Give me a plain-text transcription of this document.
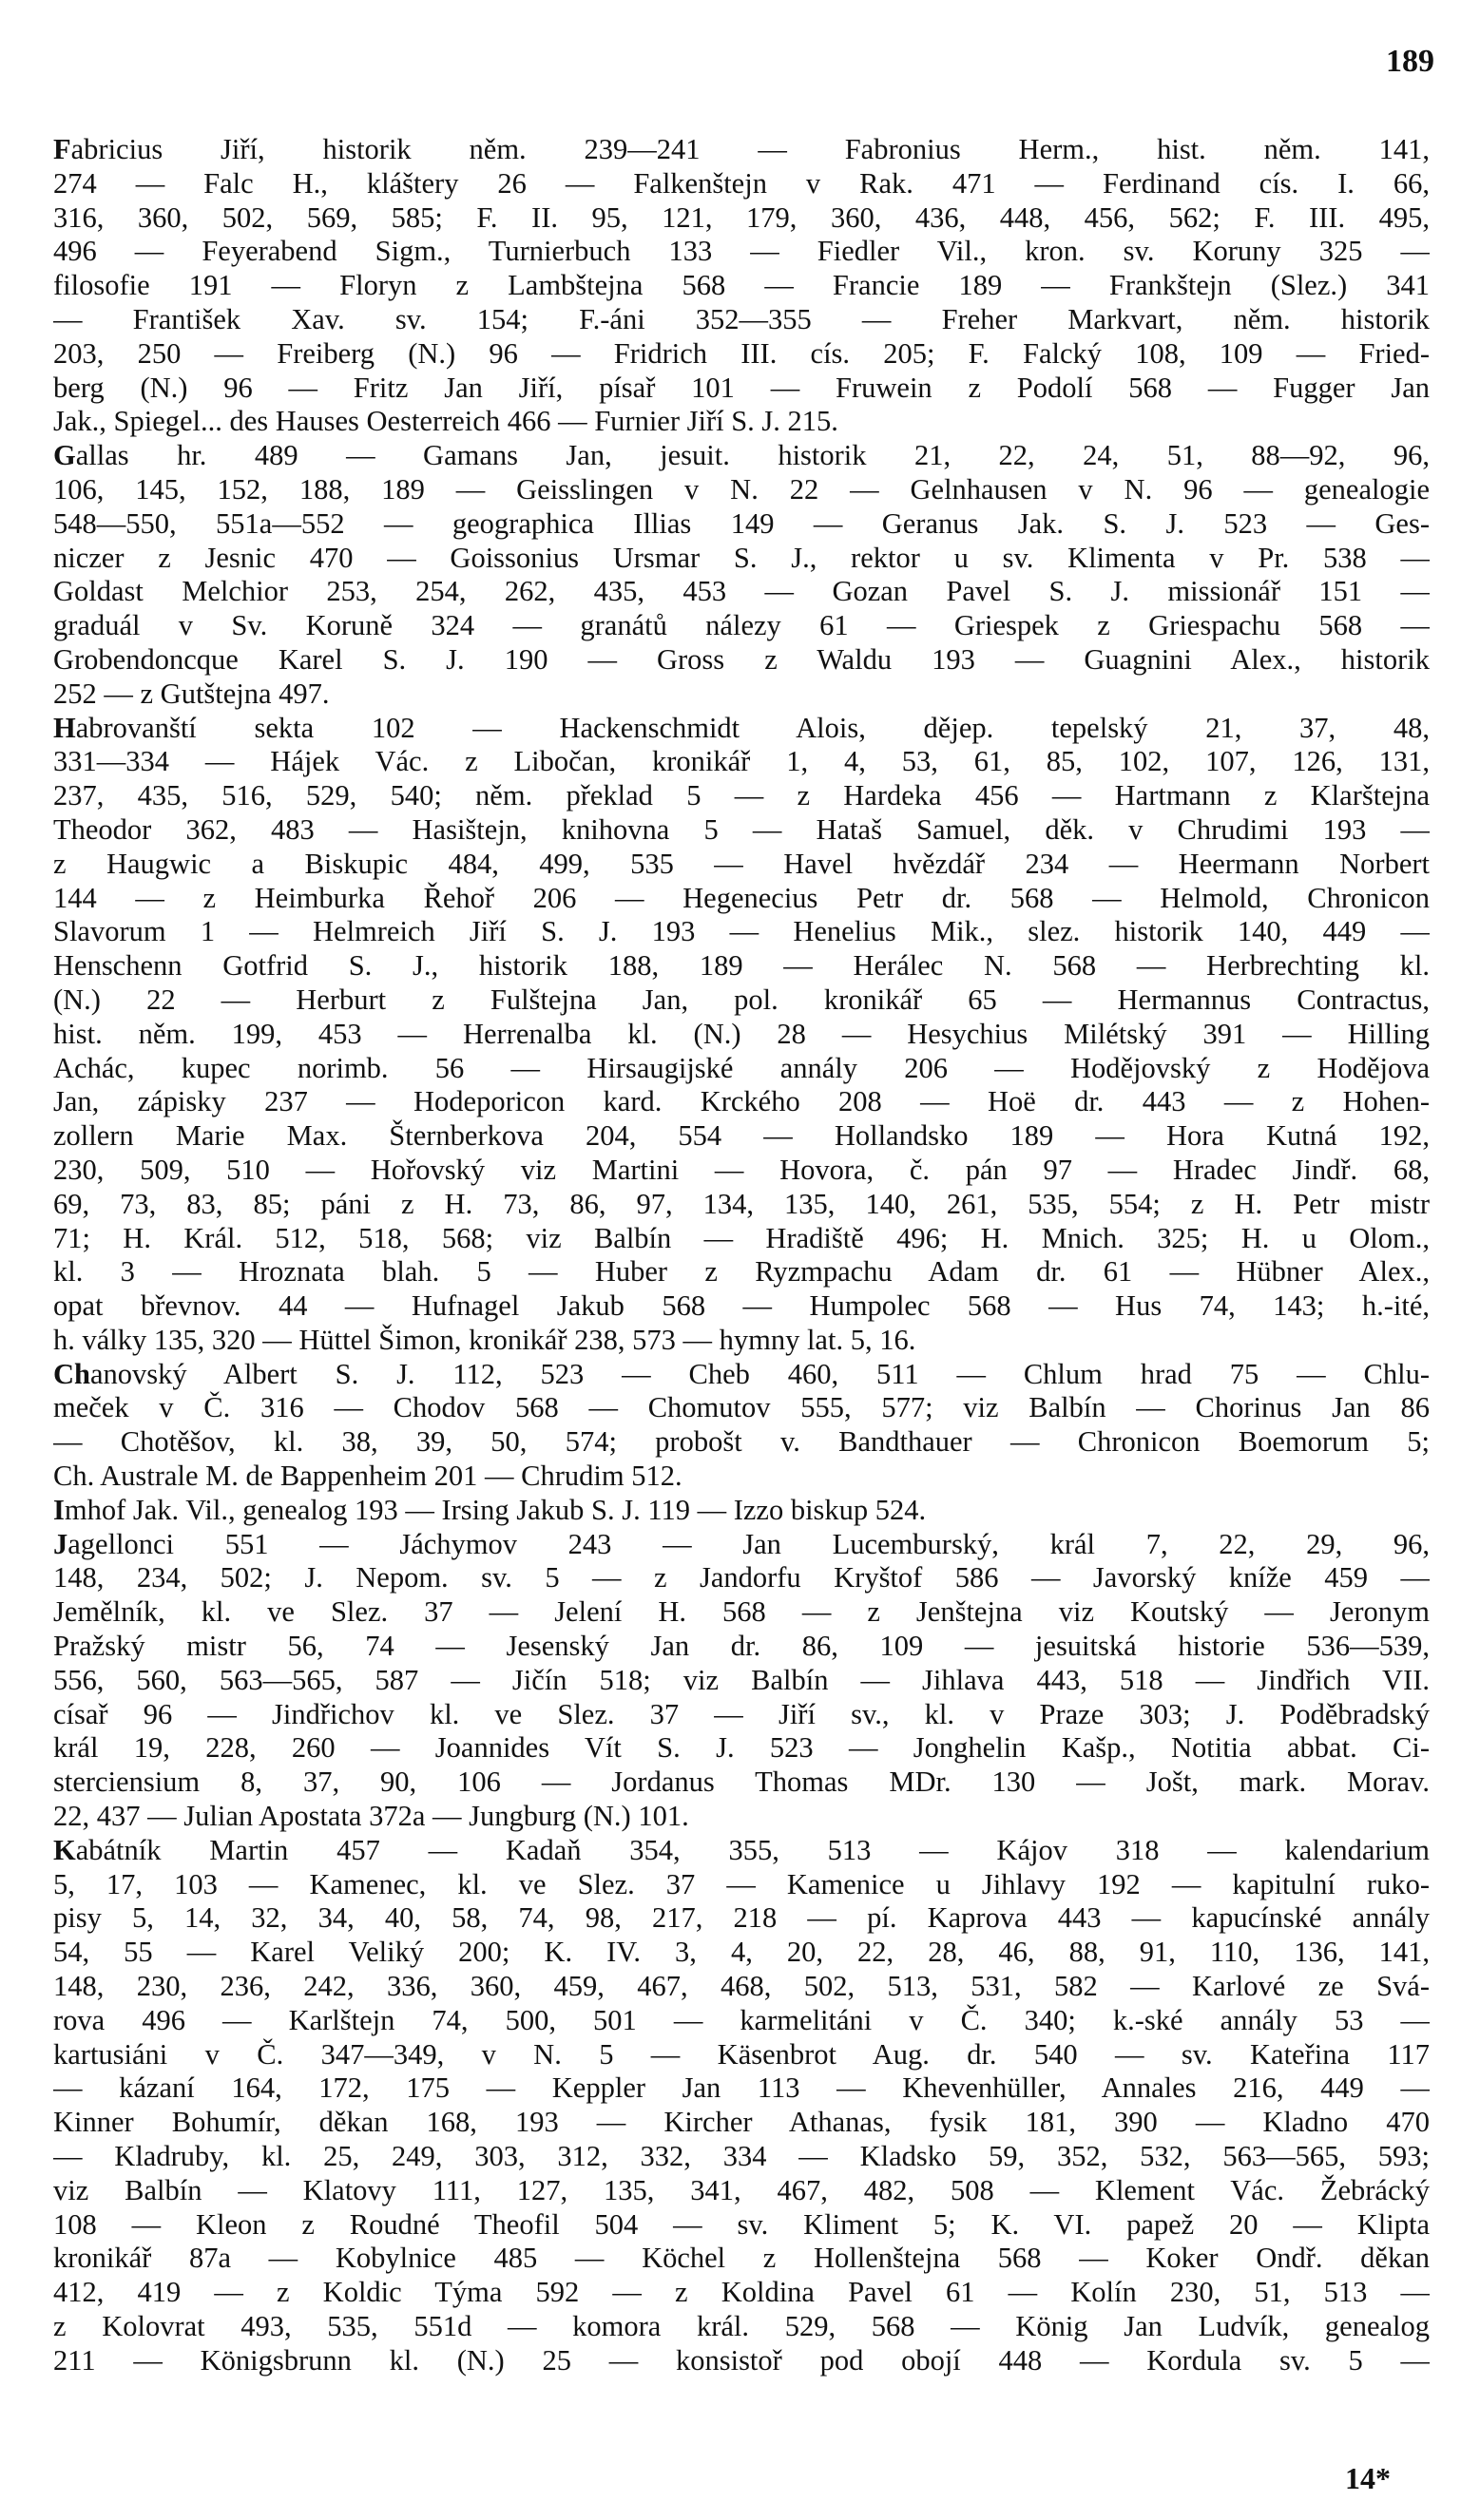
189
Fabricius Jiří, historik něm. 239—241 — Fabronius Herm., hist. něm. 141,
274 — Falc H., kláštery 26 — Falkenštejn v Rak. 471 — Ferdinand cís. I. 66,
316, 360, 502, 569, 585; F. II. 95, 121, 179, 360, 436, 448, 456, 562; F. III. 495,
496 — Feyerabend Sigm., Turnierbuch 133 — Fiedler Vil., kron. sv. Koruny 325 —
filosofie 191 — Floryn z Lambštejna 568 — Francie 189 — Frankštejn (Slez.) 341
— František Xav. sv. 154; F.-áni 352—355 — Freher Markvart, něm. historik
203, 250 — Freiberg (N.) 96 — Fridrich III. cís. 205; F. Falcký 108, 109 — Fried-
berg (N.) 96 — Fritz Jan Jiří, písař 101 — Fruwein z Podolí 568 — Fugger Jan
Jak., Spiegel... des Hauses Oesterreich 466 — Furnier Jiří S. J. 215.
Gallas hr. 489 — Gamans Jan, jesuit. historik 21, 22, 24, 51, 88—92, 96,
106, 145, 152, 188, 189 — Geisslingen v N. 22 — Gelnhausen v N. 96 — genealogie
548—550, 551a—552 — geographica Illias 149 — Geranus Jak. S. J. 523 — Ges-
niczer z Jesnic 470 — Goissonius Ursmar S. J., rektor u sv. Klimenta v Pr. 538 —
Goldast Melchior 253, 254, 262, 435, 453 — Gozan Pavel S. J. missionář 151 —
graduál v Sv. Koruně 324 — granátů nálezy 61 — Griespek z Griespachu 568 —
Grobendoncque Karel S. J. 190 — Gross z Waldu 193 — Guagnini Alex., historik
252 — z Gutštejna 497.
Habrovanští sekta 102 — Hackenschmidt Alois, dějep. tepelský 21, 37, 48,
331—334 — Hájek Vác. z Libočan, kronikář 1, 4, 53, 61, 85, 102, 107, 126, 131,
237, 435, 516, 529, 540; něm. překlad 5 — z Hardeka 456 — Hartmann z Klarštejna
Theodor 362, 483 — Hasištejn, knihovna 5 — Hataš Samuel, děk. v Chrudimi 193 —
z Haugwic a Biskupic 484, 499, 535 — Havel hvězdář 234 — Heermann Norbert
144 — z Heimburka Řehoř 206 — Hegenecius Petr dr. 568 — Helmold, Chronicon
Slavorum 1 — Helmreich Jiří S. J. 193 — Henelius Mik., slez. historik 140, 449 —
Henschenn Gotfrid S. J., historik 188, 189 — Herálec N. 568 — Herbrechting kl.
(N.) 22 — Herburt z Fulštejna Jan, pol. kronikář 65 — Hermannus Contractus,
hist. něm. 199, 453 — Herrenalba kl. (N.) 28 — Hesychius Milétský 391 — Hilling
Achác, kupec norimb. 56 — Hirsaugijské annály 206 — Hodějovský z Hodějova
Jan, zápisky 237 — Hodeporicon kard. Krckého 208 — Hoë dr. 443 — z Hohen-
zollern Marie Max. Šternberkova 204, 554 — Hollandsko 189 — Hora Kutná 192,
230, 509, 510 — Hořovský viz Martini — Hovora, č. pán 97 — Hradec Jindř. 68,
69, 73, 83, 85; páni z H. 73, 86, 97, 134, 135, 140, 261, 535, 554; z H. Petr mistr
71; H. Král. 512, 518, 568; viz Balbín — Hradiště 496; H. Mnich. 325; H. u Olom.,
kl. 3 — Hroznata blah. 5 — Huber z Ryzmpachu Adam dr. 61 — Hübner Alex.,
opat břevnov. 44 — Hufnagel Jakub 568 — Humpolec 568 — Hus 74, 143; h.-ité,
h. války 135, 320 — Hüttel Šimon, kronikář 238, 573 — hymny lat. 5, 16.
Chanovský Albert S. J. 112, 523 — Cheb 460, 511 — Chlum hrad 75 — Chlu-
meček v Č. 316 — Chodov 568 — Chomutov 555, 577; viz Balbín — Chorinus Jan 86
— Chotěšov, kl. 38, 39, 50, 574; probošt v. Bandthauer — Chronicon Boemorum 5;
Ch. Australe M. de Bappenheim 201 — Chrudim 512.
Imhof Jak. Vil., genealog 193 — Irsing Jakub S. J. 119 — Izzo biskup 524.
Jagellonci 551 — Jáchymov 243 — Jan Lucemburský, král 7, 22, 29, 96,
148, 234, 502; J. Nepom. sv. 5 — z Jandorfu Kryštof 586 — Javorský kníže 459 —
Jemělník, kl. ve Slez. 37 — Jelení H. 568 — z Jenštejna viz Koutský — Jeronym
Pražský mistr 56, 74 — Jesenský Jan dr. 86, 109 — jesuitská historie 536—539,
556, 560, 563—565, 587 — Jičín 518; viz Balbín — Jihlava 443, 518 — Jindřich VII.
císař 96 — Jindřichov kl. ve Slez. 37 — Jiří sv., kl. v Praze 303; J. Poděbradský
král 19, 228, 260 — Joannides Vít S. J. 523 — Jonghelin Kašp., Notitia abbat. Ci-
sterciensium 8, 37, 90, 106 — Jordanus Thomas MDr. 130 — Jošt, mark. Morav.
22, 437 — Julian Apostata 372a — Jungburg (N.) 101.
Kabátník Martin 457 — Kadaň 354, 355, 513 — Kájov 318 — kalendarium
5, 17, 103 — Kamenec, kl. ve Slez. 37 — Kamenice u Jihlavy 192 — kapitulní ruko-
pisy 5, 14, 32, 34, 40, 58, 74, 98, 217, 218 — pí. Kaprova 443 — kapucínské annály
54, 55 — Karel Veliký 200; K. IV. 3, 4, 20, 22, 28, 46, 88, 91, 110, 136, 141,
148, 230, 236, 242, 336, 360, 459, 467, 468, 502, 513, 531, 582 — Karlové ze Svá-
rova 496 — Karlštejn 74, 500, 501 — karmelitáni v Č. 340; k.-ské annály 53 —
kartusiáni v Č. 347—349, v N. 5 — Käsenbrot Aug. dr. 540 — sv. Kateřina 117
— kázaní 164, 172, 175 — Keppler Jan 113 — Khevenhüller, Annales 216, 449 —
Kinner Bohumír, děkan 168, 193 — Kircher Athanas, fysik 181, 390 — Kladno 470
— Kladruby, kl. 25, 249, 303, 312, 332, 334 — Kladsko 59, 352, 532, 563—565, 593;
viz Balbín — Klatovy 111, 127, 135, 341, 467, 482, 508 — Klement Vác. Žebrácký
108 — Kleon z Roudné Theofil 504 — sv. Kliment 5; K. VI. papež 20 — Klipta
kronikář 87a — Kobylnice 485 — Köchel z Hollenštejna 568 — Koker Ondř. děkan
412, 419 — z Koldic Týma 592 — z Koldina Pavel 61 — Kolín 230, 51, 513 —
z Kolovrat 493, 535, 551d — komora král. 529, 568 — König Jan Ludvík, genealog
211 — Königsbrunn kl. (N.) 25 — konsistoř pod obojí 448 — Kordula sv. 5 —
14*
